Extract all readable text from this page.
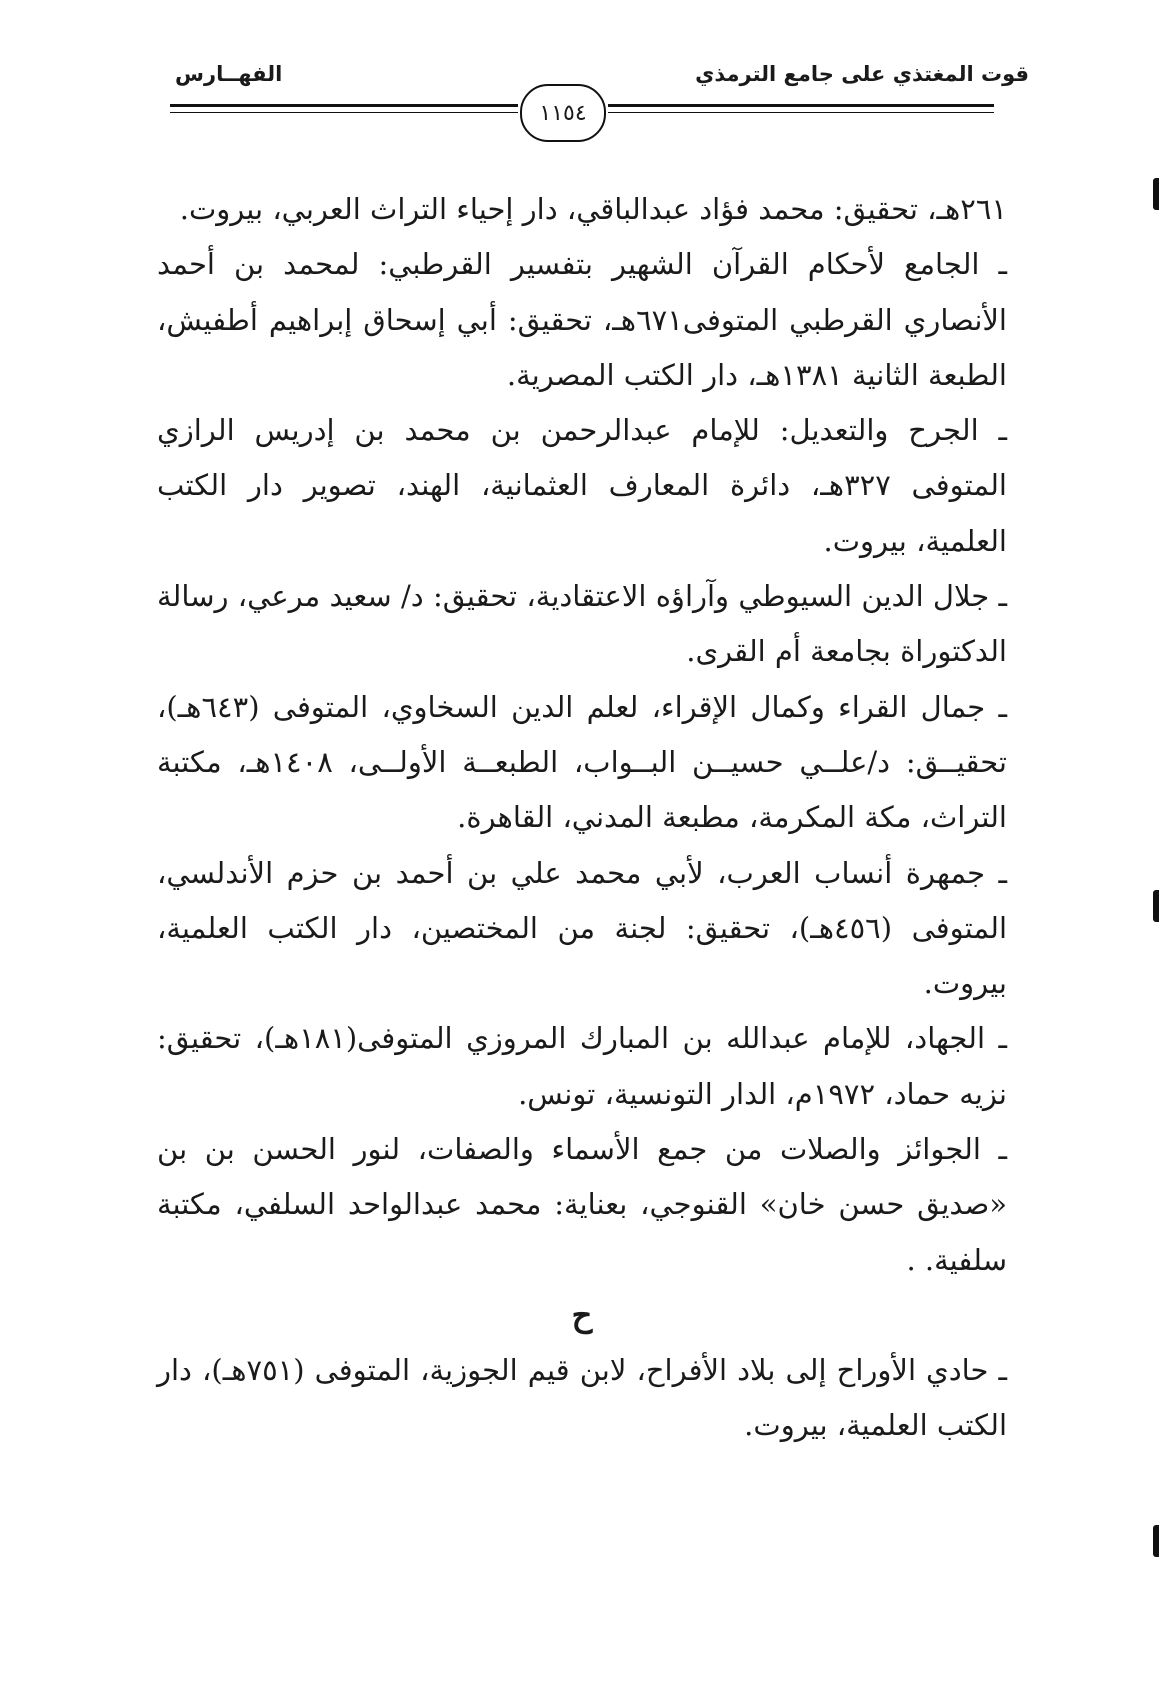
قوت المغتذي على جامع الترمذي
الفهــارس
١١٥٤

٢٦١هـ، تحقيق: محمد فؤاد عبدالباقي، دار إحياء التراث العربي، بيروت.

ـ الجامع لأحكام القرآن الشهير بتفسير القرطبي: لمحمد بن أحمد الأنصاري القرطبي المتوفى٦٧١هـ، تحقيق: أبي إسحاق إبراهيم أطفيش، الطبعة الثانية ١٣٨١هـ، دار الكتب المصرية.

ـ الجرح والتعديل: للإمام عبدالرحمن بن محمد بن إدريس الرازي المتوفى ٣٢٧هـ، دائرة المعارف العثمانية، الهند، تصوير دار الكتب العلمية، بيروت.

ـ جلال الدين السيوطي وآراؤه الاعتقادية، تحقيق: د/ سعيد مرعي، رسالة الدكتوراة بجامعة أم القرى.

ـ جمال القراء وكمال الإقراء، لعلم الدين السخاوي، المتوفى (٦٤٣هـ)، تحقيــق: د/علــي حسيــن البــواب، الطبعــة الأولــى، ١٤٠٨هـ، مكتبة التراث، مكة المكرمة، مطبعة المدني، القاهرة.

ـ جمهرة أنساب العرب، لأبي محمد علي بن أحمد بن حزم الأندلسي، المتوفى (٤٥٦هـ)، تحقيق: لجنة من المختصين، دار الكتب العلمية، بيروت.

ـ الجهاد، للإمام عبدالله بن المبارك المروزي المتوفى(١٨١هـ)، تحقيق: نزيه حماد، ١٩٧٢م، الدار التونسية، تونس.

ـ الجوائز والصلات من جمع الأسماء والصفات، لنور الحسن بن بن «صديق حسن خان» القنوجي، بعناية: محمد عبدالواحد السلفي، مكتبة سلفية. .

ح

ـ حادي الأوراح إلى بلاد الأفراح، لابن قيم الجوزية، المتوفى (٧٥١هـ)، دار الكتب العلمية، بيروت.
